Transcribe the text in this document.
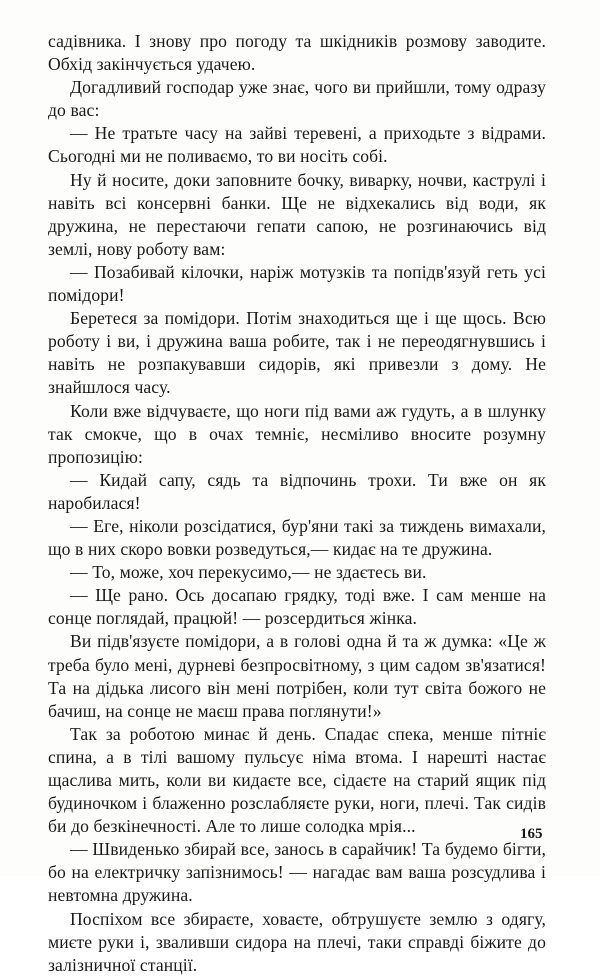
садівника. І знову про погоду та шкідників розмову заводите. Обхід закінчується удачею.

Догадливий господар уже знає, чого ви прийшли, тому одразу до вас:

— Не тратьте часу на зайві теревені, а приходьте з відрами. Сьогодні ми не поливаємо, то ви носіть собі.

Ну й носите, доки заповните бочку, виварку, ночви, каструлі і навіть всі консервні банки. Ще не відхекались від води, як дружина, не перестаючи гепати сапою, не розгинаючись від землі, нову роботу вам:

— Позабивай кілочки, наріж мотузків та попідв'язуй геть усі помідори!

Беретеся за помідори. Потім знаходиться ще і ще щось. Всю роботу і ви, і дружина ваша робите, так і не переодягнувшись і навіть не розпакувавши сидорів, які привезли з дому. Не знайшлося часу.

Коли вже відчуваєте, що ноги під вами аж гудуть, а в шлунку так смокче, що в очах темніє, несміливо вносите розумну пропозицію:

— Кидай сапу, сядь та відпочинь трохи. Ти вже он як наробилася!

— Еге, ніколи розсідатися, бур'яни такі за тиждень вимахали, що в них скоро вовки розведуться,— кидає на те дружина.

— То, може, хоч перекусимо,— не здаєтесь ви.

— Ще рано. Ось досапаю грядку, тоді вже. І сам менше на сонце поглядай, працюй! — розсердиться жінка.

Ви підв'язуєте помідори, а в голові одна й та ж думка: «Це ж треба було мені, дурневі безпросвітному, з цим садом зв'язатися! Та на дідька лисого він мені потрібен, коли тут світа божого не бачиш, на сонце не маєш права поглянути!»

Так за роботою минає й день. Спадає спека, менше пітніє спина, а в тілі вашому пульсує німа втома. І нарешті настає щаслива мить, коли ви кидаєте все, сідаєте на старий ящик під будиночком і блаженно розслабляєте руки, ноги, плечі. Так сидів би до безкінечності. Але то лише солодка мрія...

— Швиденько збирай все, занось в сарайчик! Та будемо бігти, бо на електричку запізнимось! — нагадає вам ваша розсудлива і невтомна дружина.

Поспіхом все збираєте, ховаєте, обтрушуєте землю з одягу, миєте руки і, зваливши сидора на плечі, таки справді біжите до залізничної станції.

165
